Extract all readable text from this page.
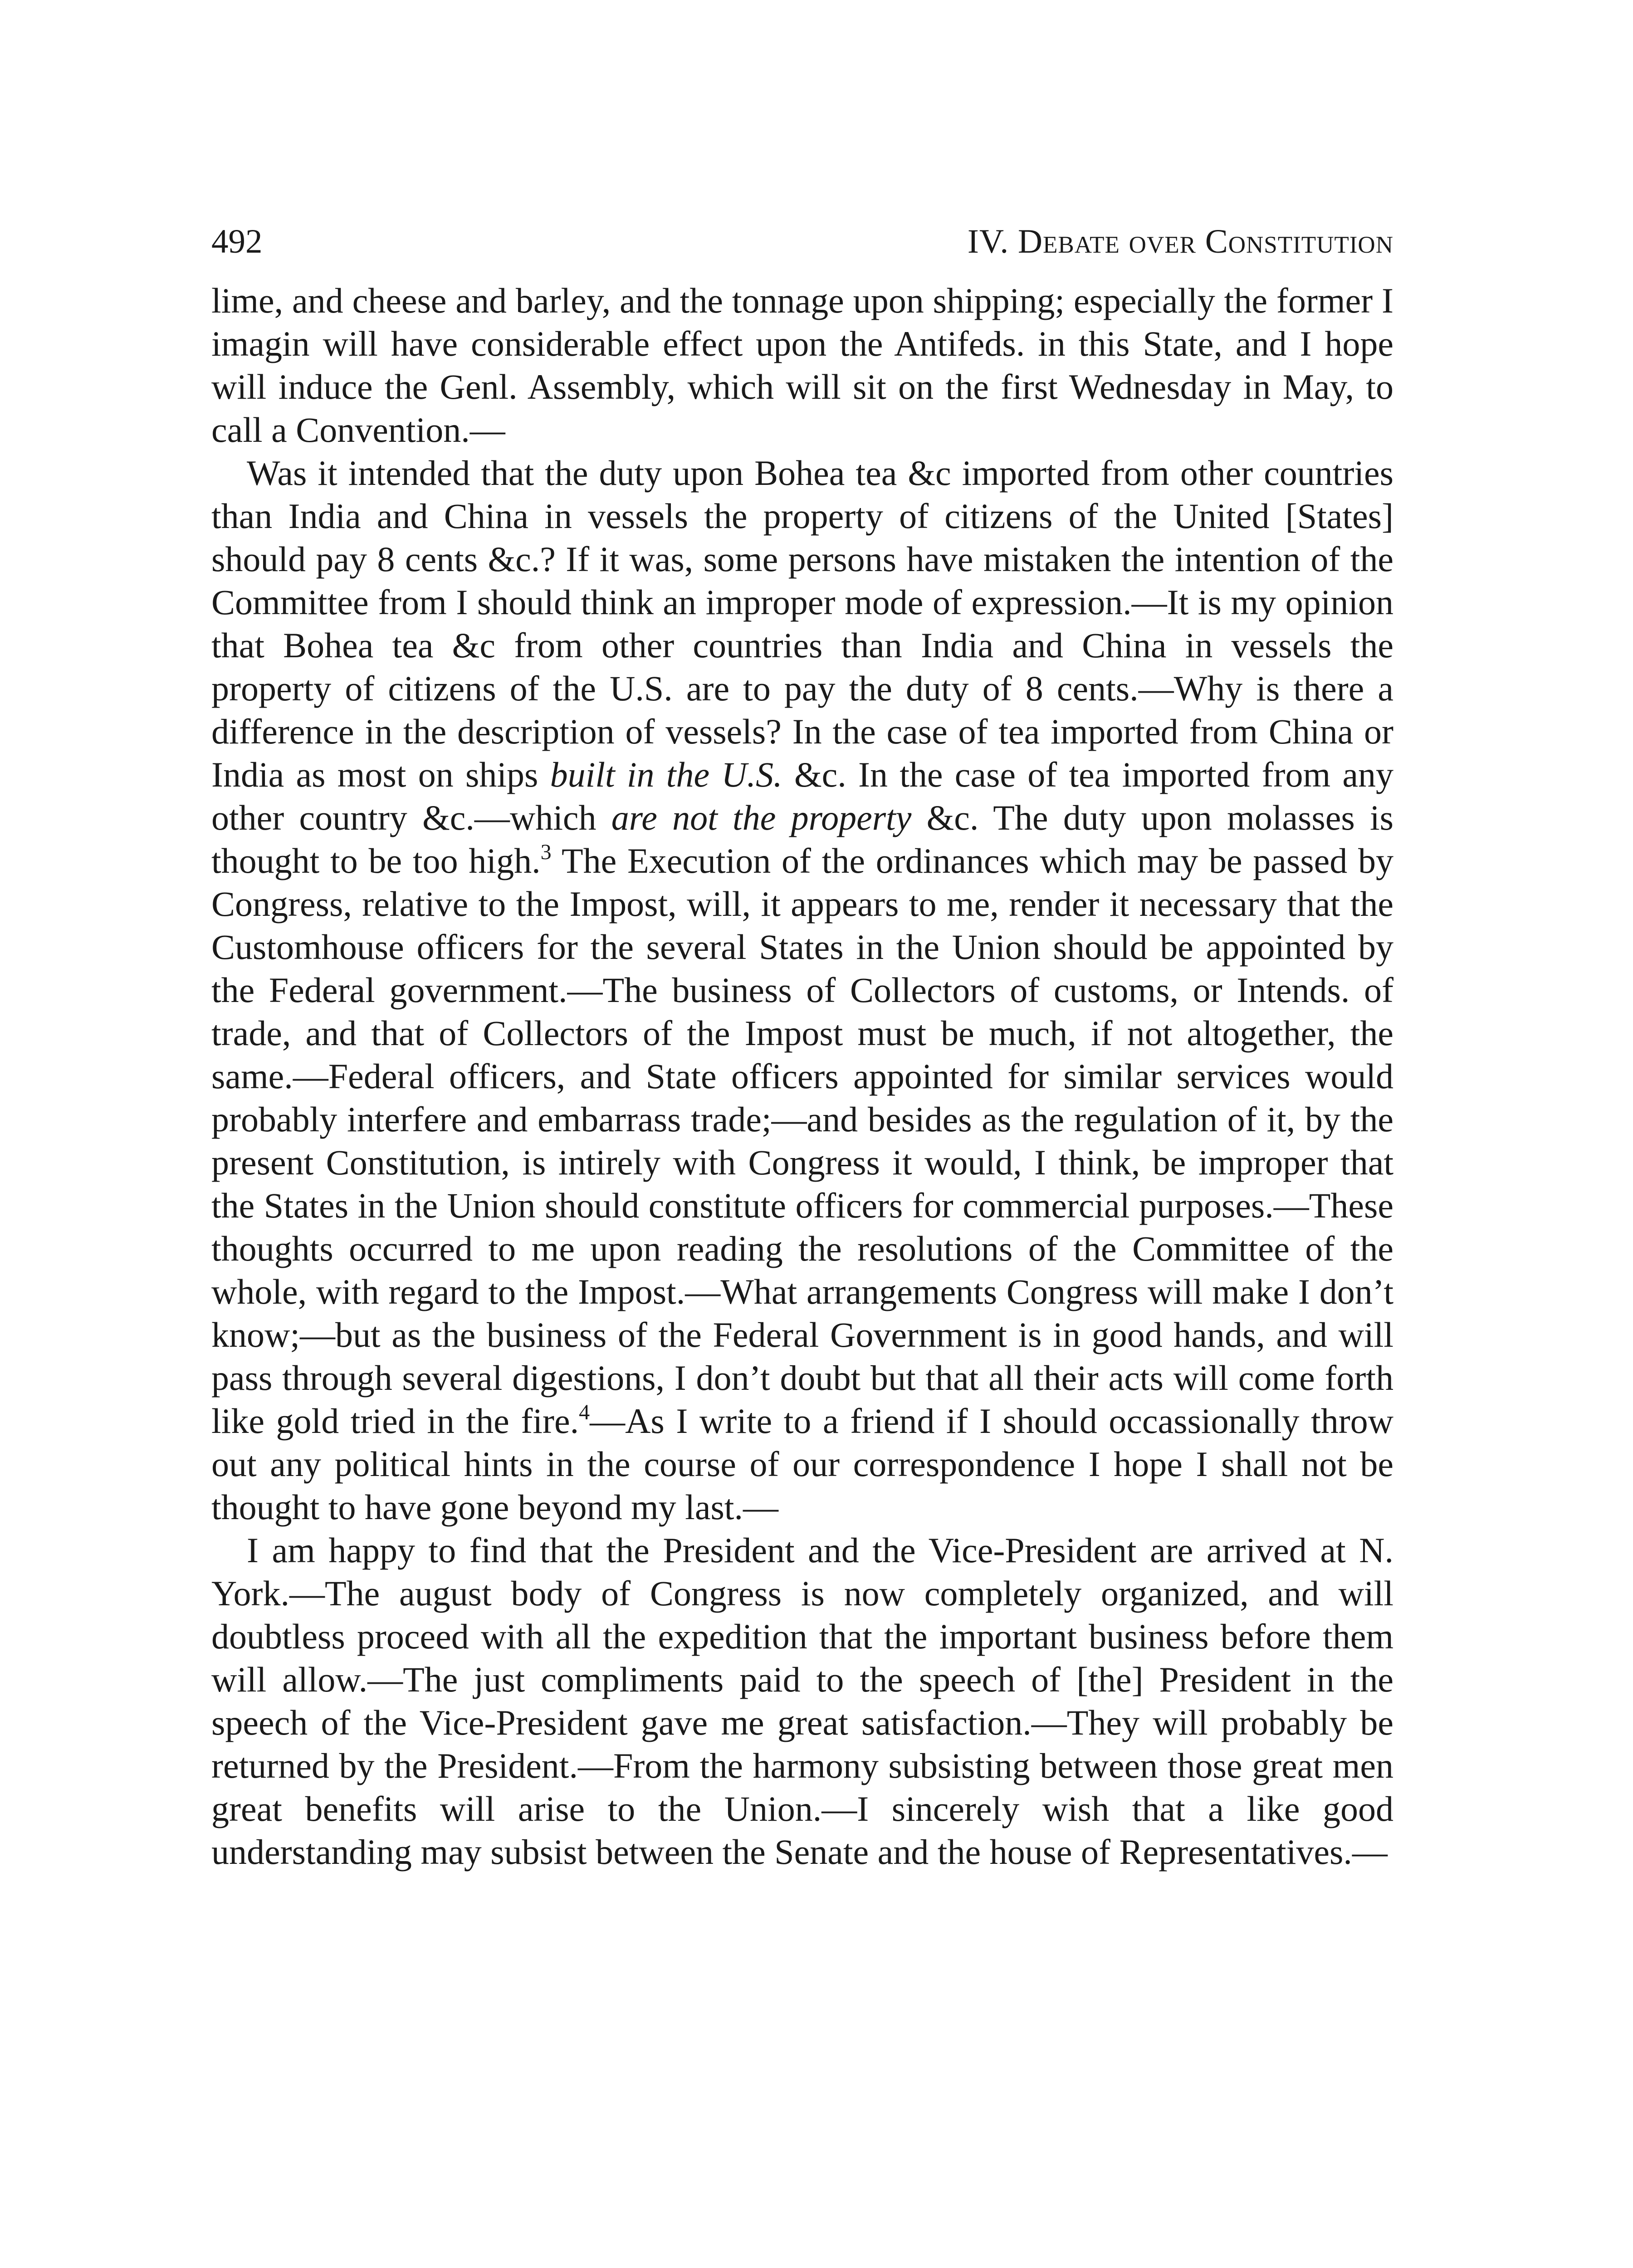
492	IV. Debate over Constitution

lime, and cheese and barley, and the tonnage upon shipping; especially the former I imagin will have considerable effect upon the Antifeds. in this State, and I hope will induce the Genl. Assembly, which will sit on the first Wednesday in May, to call a Convention.—

Was it intended that the duty upon Bohea tea &c imported from other countries than India and China in vessels the property of citizens of the United [States] should pay 8 cents &c.? If it was, some persons have mistaken the intention of the Committee from I should think an improper mode of expression.—It is my opinion that Bohea tea &c from other countries than India and China in vessels the property of citizens of the U.S. are to pay the duty of 8 cents.—Why is there a difference in the description of vessels? In the case of tea imported from China or India as most on ships built in the U.S. &c. In the case of tea imported from any other country &c.—which are not the property &c. The duty upon molasses is thought to be too high.$^3$ The Execution of the ordinances which may be passed by Congress, relative to the Impost, will, it appears to me, render it necessary that the Customhouse officers for the several States in the Union should be appointed by the Federal government.—The business of Collectors of customs, or Intends. of trade, and that of Collectors of the Impost must be much, if not altogether, the same.—Federal officers, and State officers appointed for similar services would probably interfere and embarrass trade;—and besides as the regulation of it, by the present Constitution, is intirely with Congress it would, I think, be improper that the States in the Union should constitute officers for commercial purposes.—These thoughts occurred to me upon reading the resolutions of the Committee of the whole, with regard to the Impost.—What arrangements Congress will make I don’t know;—but as the business of the Federal Government is in good hands, and will pass through several digestions, I don’t doubt but that all their acts will come forth like gold tried in the fire.$^4$—As I write to a friend if I should occassionally throw out any political hints in the course of our correspondence I hope I shall not be thought to have gone beyond my last.—

I am happy to find that the President and the Vice-President are arrived at N. York.—The august body of Congress is now completely organized, and will doubtless proceed with all the expedition that the important business before them will allow.—The just compliments paid to the speech of [the] President in the speech of the Vice-President gave me great satisfaction.—They will probably be returned by the President.—From the harmony subsisting between those great men great benefits will arise to the Union.—I sincerely wish that a like good understanding may subsist between the Senate and the house of Representatives.—
